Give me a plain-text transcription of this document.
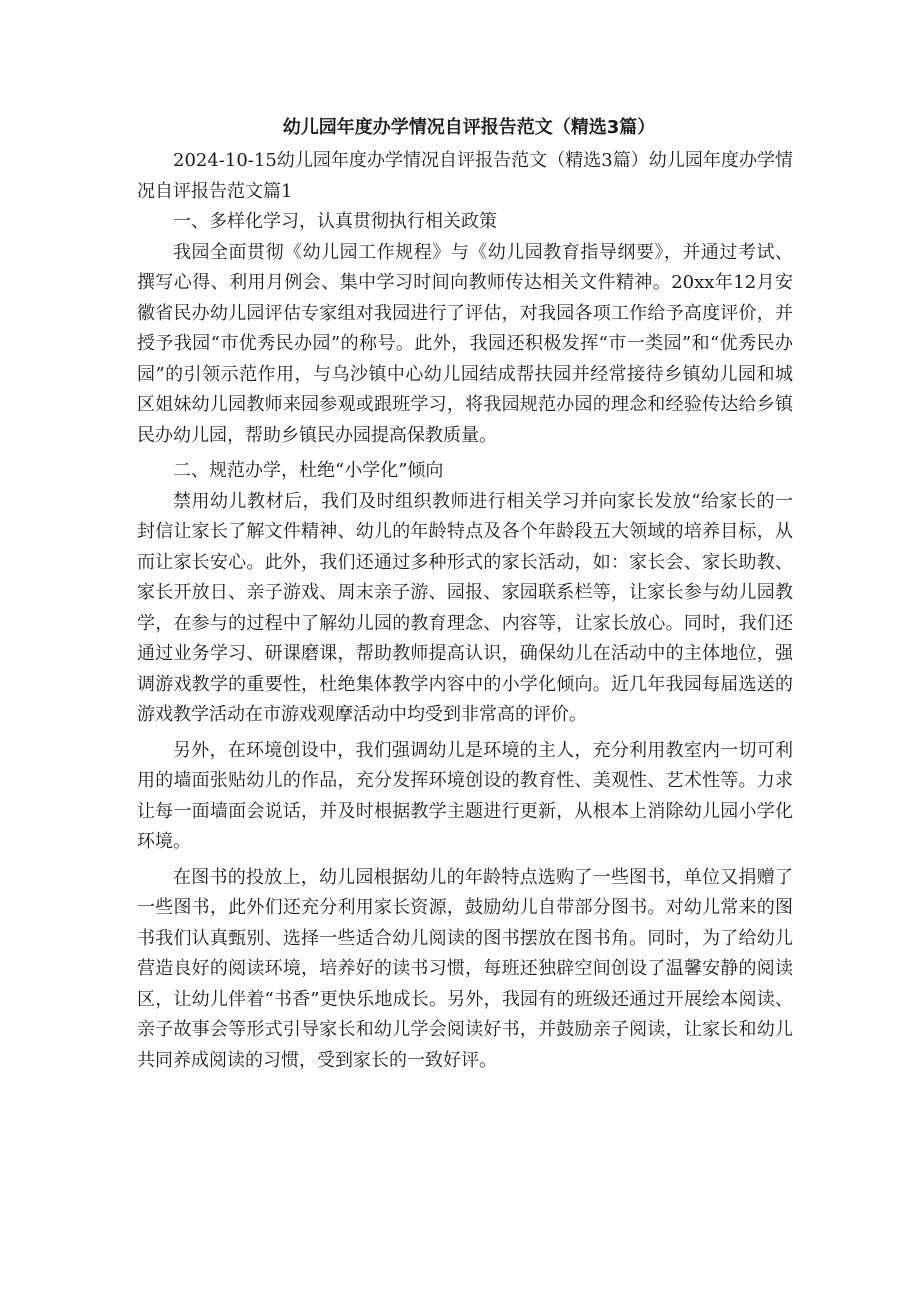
幼儿园年度办学情况自评报告范文（精选3篇）

2024-10-15幼儿园年度办学情况自评报告范文（精选3篇）幼儿园年度办学情况自评报告范文篇1

一、多样化学习，认真贯彻执行相关政策

我园全面贯彻《幼儿园工作规程》与《幼儿园教育指导纲要》，并通过考试、撰写心得、利用月例会、集中学习时间向教师传达相关文件精神。20xx年12月安徽省民办幼儿园评估专家组对我园进行了评估，对我园各项工作给予高度评价，并授予我园“市优秀民办园”的称号。此外，我园还积极发挥“市一类园”和“优秀民办园”的引领示范作用，与乌沙镇中心幼儿园结成帮扶园并经常接待乡镇幼儿园和城区姐妹幼儿园教师来园参观或跟班学习，将我园规范办园的理念和经验传达给乡镇民办幼儿园，帮助乡镇民办园提高保教质量。

二、规范办学，杜绝“小学化”倾向

禁用幼儿教材后，我们及时组织教师进行相关学习并向家长发放“给家长的一封信让家长了解文件精神、幼儿的年龄特点及各个年龄段五大领域的培养目标，从而让家长安心。此外，我们还通过多种形式的家长活动，如：家长会、家长助教、家长开放日、亲子游戏、周末亲子游、园报、家园联系栏等，让家长参与幼儿园教学，在参与的过程中了解幼儿园的教育理念、内容等，让家长放心。同时，我们还通过业务学习、研课磨课，帮助教师提高认识，确保幼儿在活动中的主体地位，强调游戏教学的重要性，杜绝集体教学内容中的小学化倾向。近几年我园每届选送的游戏教学活动在市游戏观摩活动中均受到非常高的评价。

另外，在环境创设中，我们强调幼儿是环境的主人，充分利用教室内一切可利用的墙面张贴幼儿的作品，充分发挥环境创设的教育性、美观性、艺术性等。力求让每一面墙面会说话，并及时根据教学主题进行更新，从根本上消除幼儿园小学化环境。

在图书的投放上，幼儿园根据幼儿的年龄特点选购了一些图书，单位又捐赠了一些图书，此外们还充分利用家长资源，鼓励幼儿自带部分图书。对幼儿常来的图书我们认真甄别、选择一些适合幼儿阅读的图书摆放在图书角。同时，为了给幼儿营造良好的阅读环境，培养好的读书习惯，每班还独辟空间创设了温馨安静的阅读区，让幼儿伴着“书香”更快乐地成长。另外，我园有的班级还通过开展绘本阅读、亲子故事会等形式引导家长和幼儿学会阅读好书，并鼓励亲子阅读，让家长和幼儿共同养成阅读的习惯，受到家长的一致好评。
